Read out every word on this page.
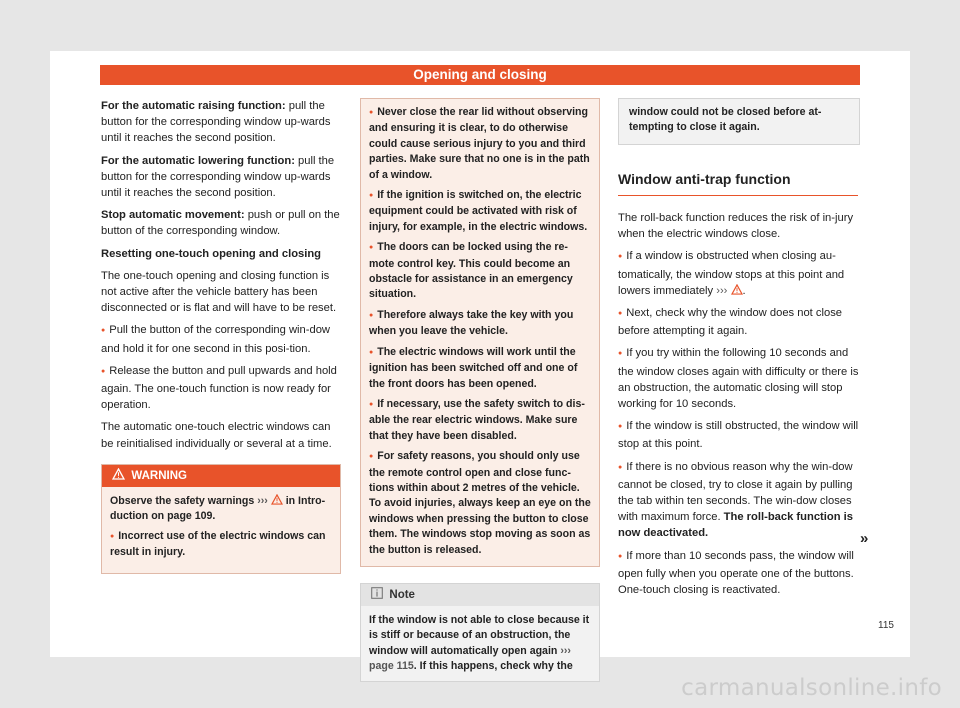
Opening and closing

For the automatic raising function: pull the button for the corresponding window up-wards until it reaches the second position.

For the automatic lowering function: pull the button for the corresponding window up-wards until it reaches the second position.

Stop automatic movement: push or pull on the button of the corresponding window.

Resetting one-touch opening and closing

The one-touch opening and closing function is not active after the vehicle battery has been disconnected or is flat and will have to be reset.

● Pull the button of the corresponding win-dow and hold it for one second in this posi-tion.

● Release the button and pull upwards and hold again. The one-touch function is now ready for operation.

The automatic one-touch electric windows can be reinitialised individually or several at a time.

WARNING

Observe the safety warnings ››› in Intro-duction on page 109.

● Incorrect use of the electric windows can result in injury.

● Never close the rear lid without observing and ensuring it is clear, to do otherwise could cause serious injury to you and third parties. Make sure that no one is in the path of a window.

● If the ignition is switched on, the electric equipment could be activated with risk of injury, for example, in the electric windows.

● The doors can be locked using the re-mote control key. This could become an obstacle for assistance in an emergency situation.

● Therefore always take the key with you when you leave the vehicle.

● The electric windows will work until the ignition has been switched off and one of the front doors has been opened.

● If necessary, use the safety switch to dis-able the rear electric windows. Make sure that they have been disabled.

● For safety reasons, you should only use the remote control open and close func-tions within about 2 metres of the vehicle. To avoid injuries, always keep an eye on the windows when pressing the button to close them. The windows stop moving as soon as the button is released.

Note
If the window is not able to close because it is stiff or because of an obstruction, the window will automatically open again ››› page 115. If this happens, check why the
window could not be closed before at-tempting to close it again.
Window anti-trap function

The roll-back function reduces the risk of in-jury when the electric windows close.

● If a window is obstructed when closing au-tomatically, the window stops at this point and lowers immediately ››› .

● Next, check why the window does not close before attempting it again.

● If you try within the following 10 seconds and the window closes again with difficulty or there is an obstruction, the automatic closing will stop working for 10 seconds.

● If the window is still obstructed, the window will stop at this point.

● If there is no obvious reason why the win-dow cannot be closed, try to close it again by pulling the tab within ten seconds. The win-dow closes with maximum force. The roll-back function is now deactivated.

● If more than 10 seconds pass, the window will open fully when you operate one of the buttons. One-touch closing is reactivated.

»
115
carmanualsonline.info
